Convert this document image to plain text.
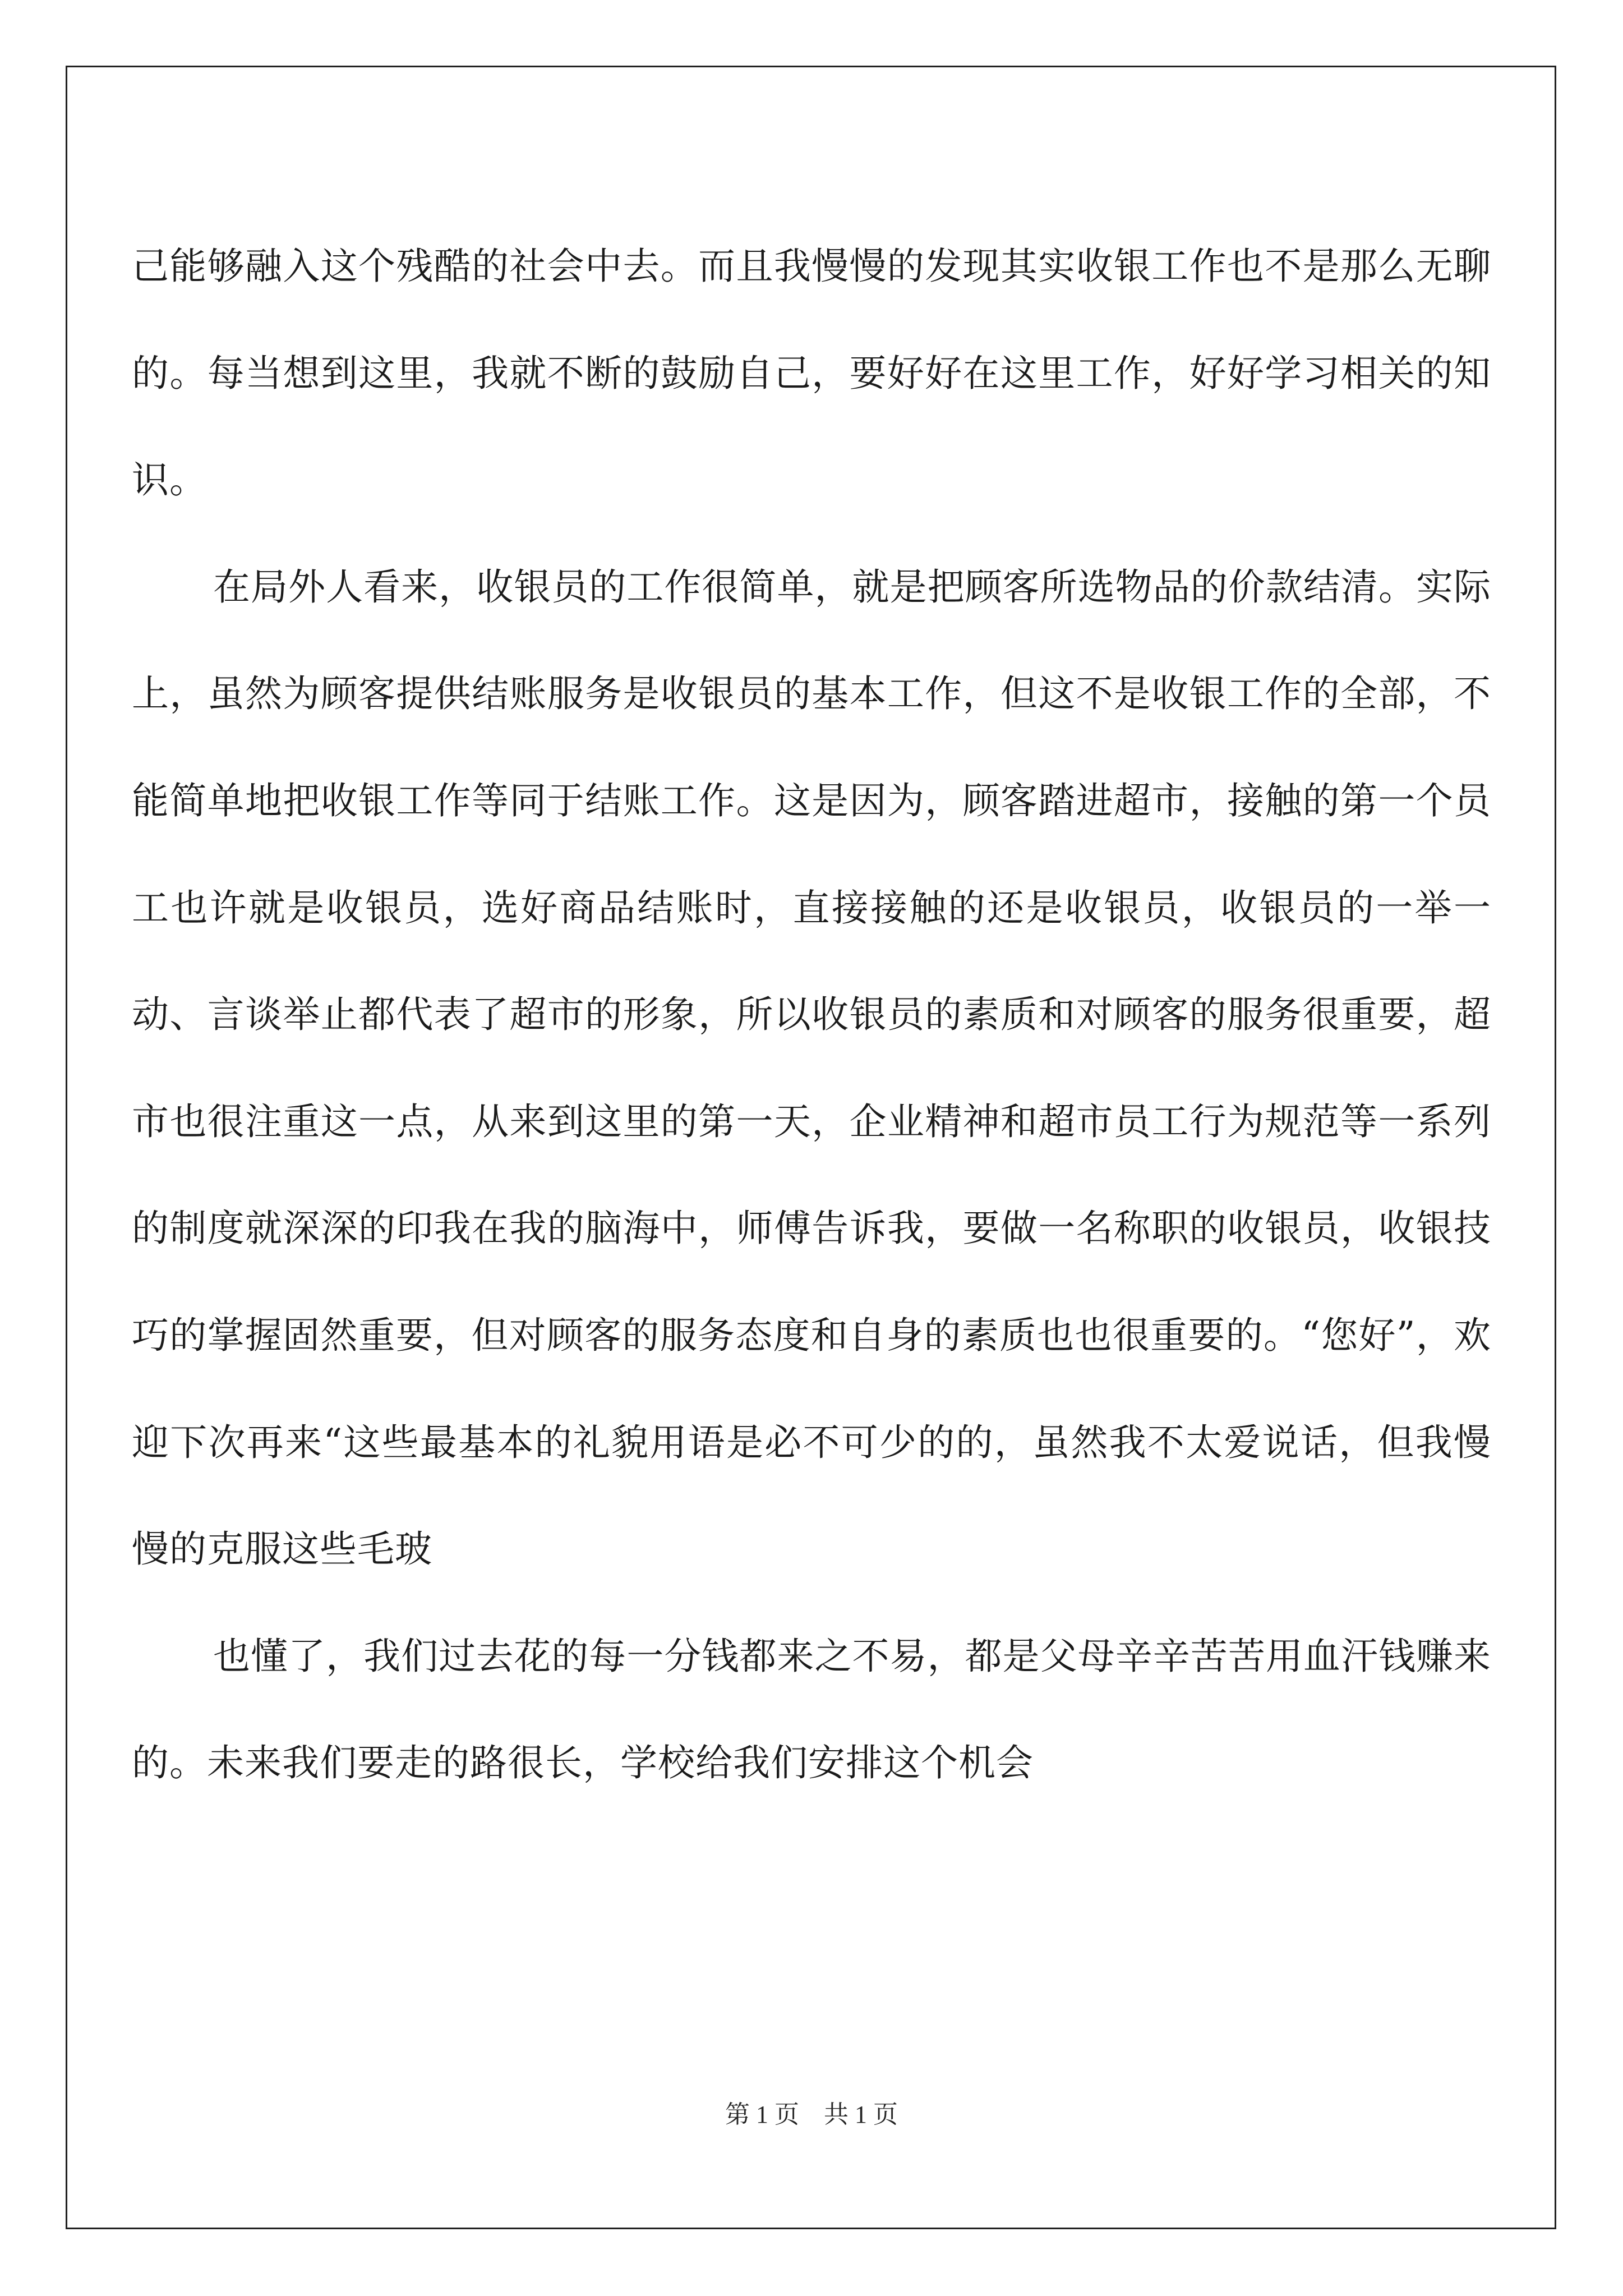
己能够融入这个残酷的社会中去。而且我慢慢的发现其实收银工作也不是那么无聊的。每当想到这里，我就不断的鼓励自己，要好好在这里工作，好好学习相关的知识。

在局外人看来，收银员的工作很简单，就是把顾客所选物品的价款结清。实际上，虽然为顾客提供结账服务是收银员的基本工作，但这不是收银工作的全部，不能简单地把收银工作等同于结账工作。这是因为，顾客踏进超市，接触的第一个员工也许就是收银员，选好商品结账时，直接接触的还是收银员，收银员的一举一动、言谈举止都代表了超市的形象，所以收银员的素质和对顾客的服务很重要，超市也很注重这一点，从来到这里的第一天，企业精神和超市员工行为规范等一系列的制度就深深的印我在我的脑海中，师傅告诉我，要做一名称职的收银员，收银技巧的掌握固然重要，但对顾客的服务态度和自身的素质也也很重要的。“您好”，欢迎下次再来“这些最基本的礼貌用语是必不可少的的，虽然我不太爱说话，但我慢慢的克服这些毛玻

也懂了，我们过去花的每一分钱都来之不易，都是父母辛辛苦苦用血汗钱赚来的。未来我们要走的路很长，学校给我们安排这个机会

第 1 页　共 1 页
